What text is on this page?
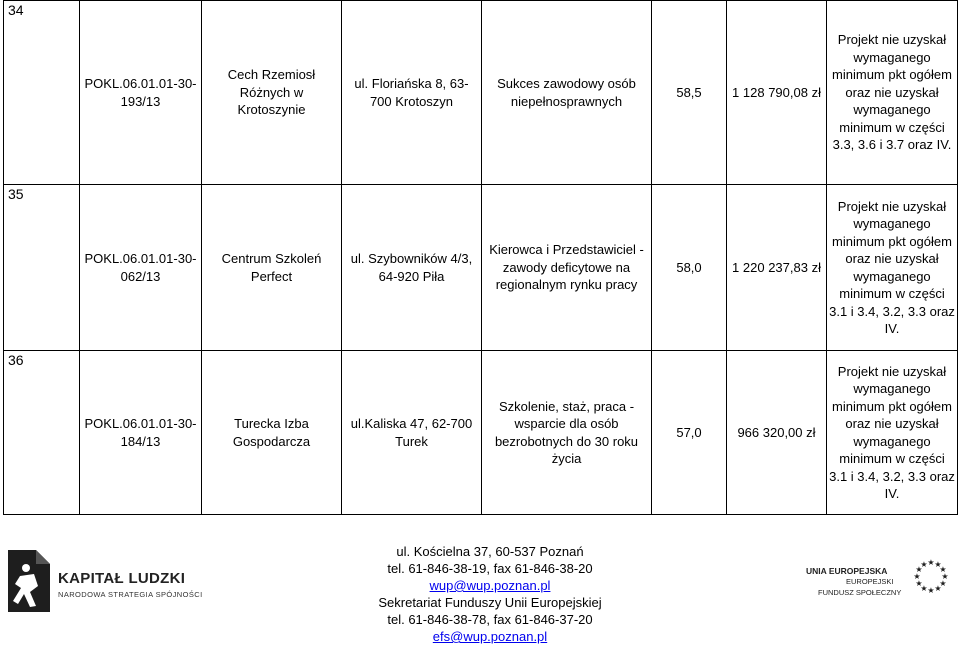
34	POKL.06.01.01-30-193/13	Cech Rzemiosł Różnych w Krotoszynie	ul. Floriańska 8, 63-700 Krotoszyn	Sukces zawodowy osób niepełnosprawnych	58,5	1 128 790,08 zł	Projekt nie uzyskał wymaganego minimum pkt ogółem oraz nie uzyskał wymaganego minimum w części 3.3, 3.6 i 3.7 oraz IV.
35	POKL.06.01.01-30-062/13	Centrum Szkoleń Perfect	ul. Szybowników 4/3, 64-920 Piła	Kierowca i Przedstawiciel - zawody deficytowe na regionalnym rynku pracy	58,0	1 220 237,83 zł	Projekt nie uzyskał wymaganego minimum pkt ogółem oraz nie uzyskał wymaganego minimum w części 3.1 i 3.4, 3.2, 3.3 oraz IV.
36	POKL.06.01.01-30-184/13	Turecka Izba Gospodarcza	ul.Kaliska 47, 62-700 Turek	Szkolenie, staż, praca - wsparcie dla osób bezrobotnych do 30 roku życia	57,0	966 320,00 zł	Projekt nie uzyskał wymaganego minimum pkt ogółem oraz nie uzyskał wymaganego minimum w części 3.1 i 3.4, 3.2, 3.3 oraz IV.
KAPITAŁ LUDZKI
NARODOWA STRATEGIA SPÓJNOŚCI
ul. Kościelna 37, 60-537 Poznań
tel. 61-846-38-19, fax 61-846-38-20
wup@wup.poznan.pl
Sekretariat Funduszy Unii Europejskiej
tel. 61-846-38-78, fax 61-846-37-20
efs@wup.poznan.pl
UNIA EUROPEJSKA
EUROPEJSKI
FUNDUSZ SPOŁECZNY
★ ★
★
★
★
★
★
★
★
★
★
★
